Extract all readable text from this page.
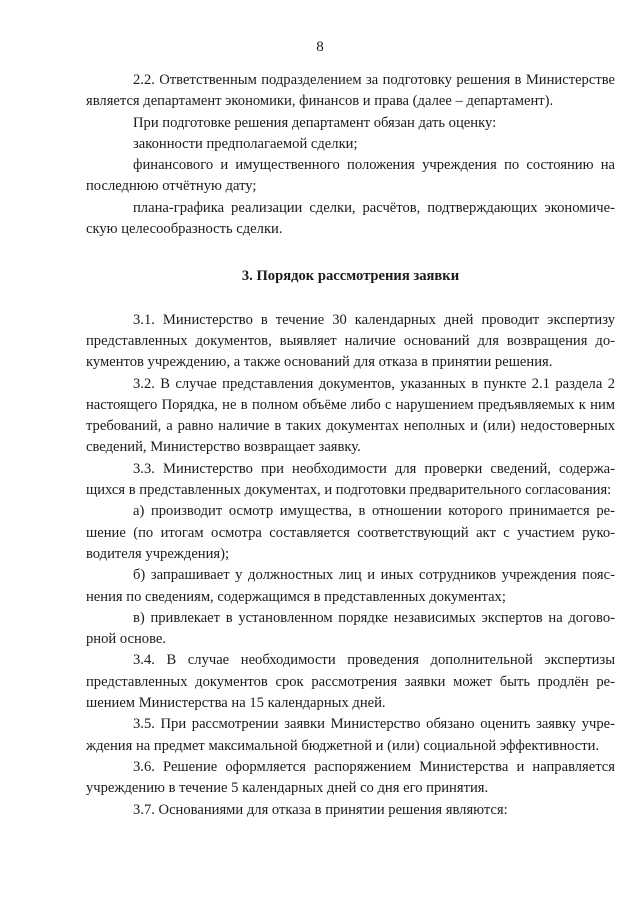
8

2.2. Ответственным подразделением за подготовку решения в Министерстве является департамент экономики, финансов и права (далее – департамент).

При подготовке решения департамент обязан дать оценку:

законности предполагаемой сделки;

финансового и имущественного положения учреждения по состоянию на последнюю отчётную дату;

плана-графика реализации сделки, расчётов, подтверждающих экономическую целесообразность сделки.

3. Порядок рассмотрения заявки

3.1. Министерство в течение 30 календарных дней проводит экспертизу представленных документов, выявляет наличие оснований для возвращения документов учреждению, а также оснований для отказа в принятии решения.

3.2. В случае представления документов, указанных в пункте 2.1 раздела 2 настоящего Порядка, не в полном объёме либо с нарушением предъявляемых к ним требований, а равно наличие в таких документах неполных и (или) недостоверных сведений, Министерство возвращает заявку.

3.3. Министерство при необходимости для проверки сведений, содержащихся в представленных документах, и подготовки предварительного согласования:

а) производит осмотр имущества, в отношении которого принимается решение (по итогам осмотра составляется соответствующий акт с участием руководителя учреждения);

б) запрашивает у должностных лиц и иных сотрудников учреждения пояснения по сведениям, содержащимся в представленных документах;

в) привлекает в установленном порядке независимых экспертов на договорной основе.

3.4. В случае необходимости проведения дополнительной экспертизы представленных документов срок рассмотрения заявки может быть продлён решением Министерства на 15 календарных дней.

3.5. При рассмотрении заявки Министерство обязано оценить заявку учреждения на предмет максимальной бюджетной и (или) социальной эффективности.

3.6. Решение оформляется распоряжением Министерства и направляется учреждению в течение 5 календарных дней со дня его принятия.

3.7. Основаниями для отказа в принятии решения являются:
